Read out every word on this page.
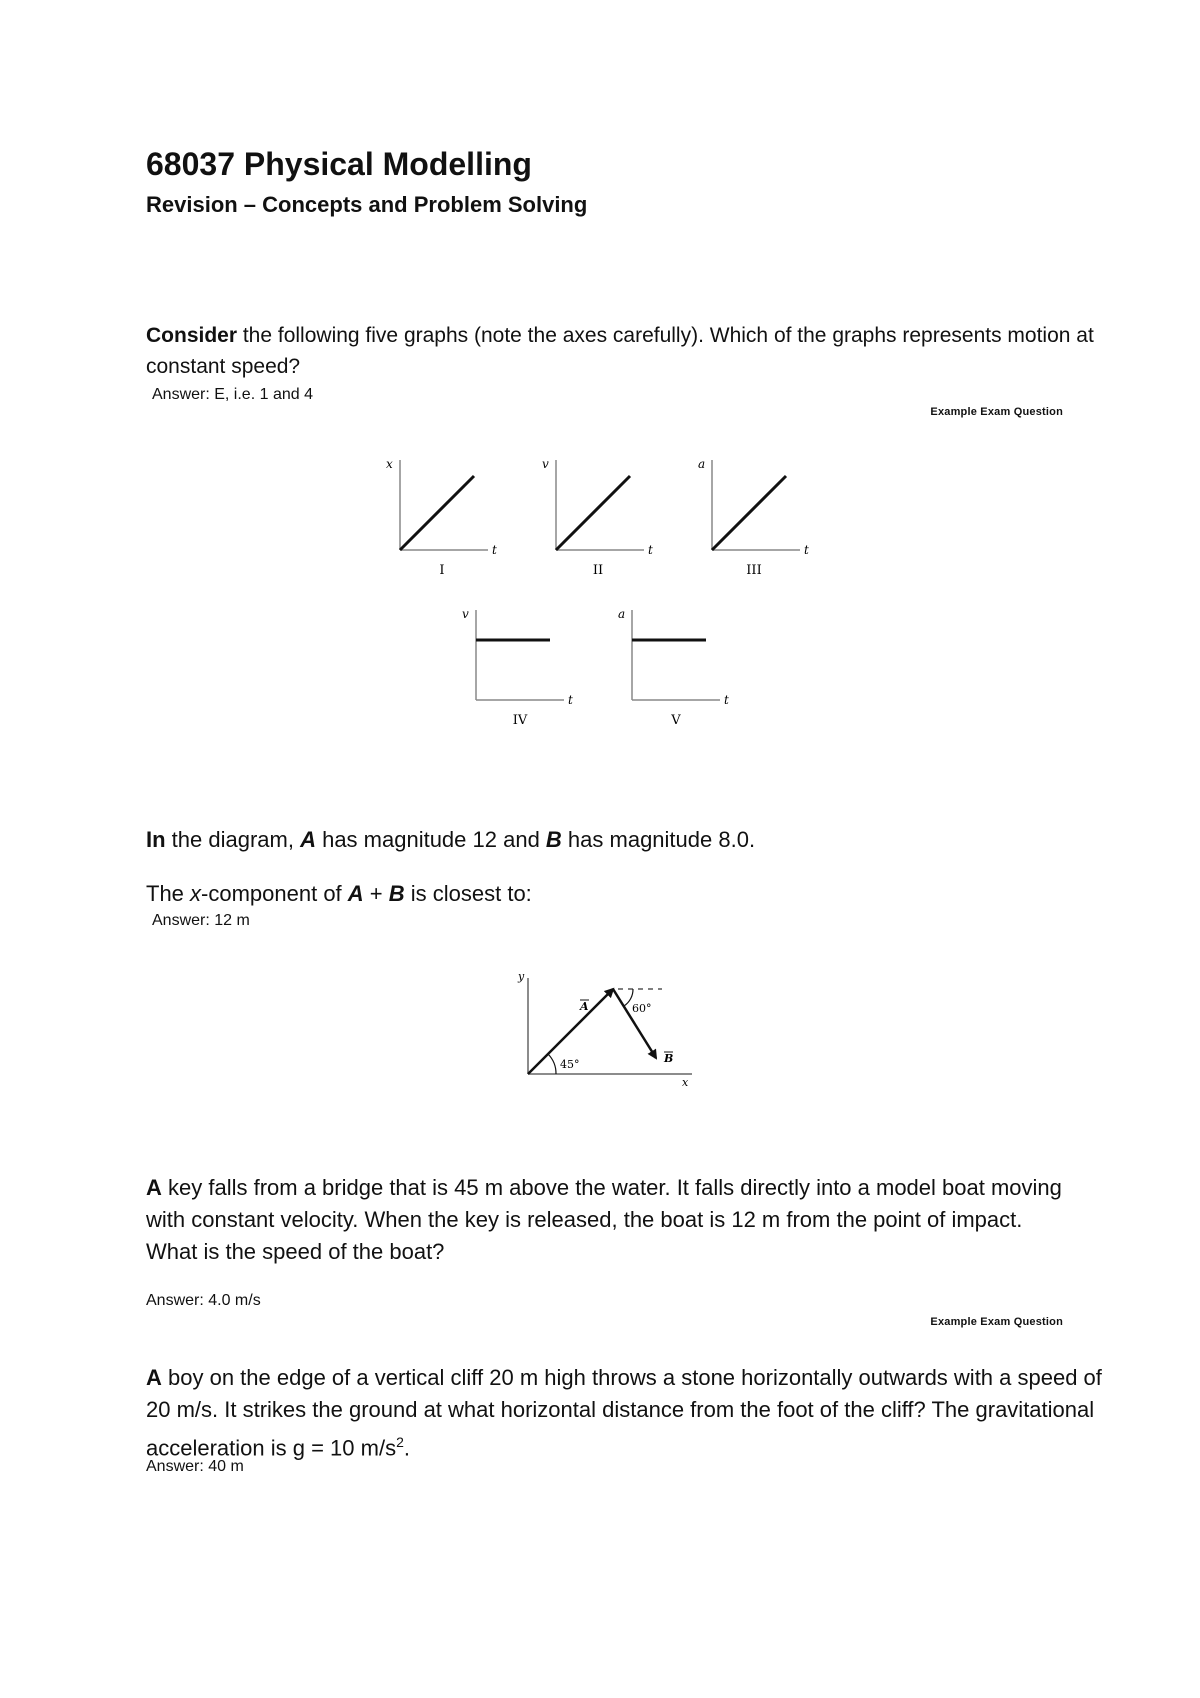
68037 Physical Modelling
Revision – Concepts and Problem Solving
Consider the following five graphs (note the axes carefully). Which of the graphs represents motion at constant speed?
Answer: E, i.e. 1 and 4
Example Exam Question
x
t
I
v
t
II
a
t
III
v
t
IV
a
t
V
In the diagram, A has magnitude 12 and B has magnitude 8.0.
The x-component of A + B is closest to:
Answer: 12 m
y
x
45°
60°
A
B
A key falls from a bridge that is 45 m above the water. It falls directly into a model boat moving with constant velocity. When the key is released, the boat is 12 m from the point of impact. What is the speed of the boat?
Answer: 4.0 m/s
Example Exam Question
A boy on the edge of a vertical cliff 20 m high throws a stone horizontally outwards with a speed of 20 m/s. It strikes the ground at what horizontal distance from the foot of the cliff? The gravitational acceleration is g = 10 $m/s^2$.
Answer: 40 m
